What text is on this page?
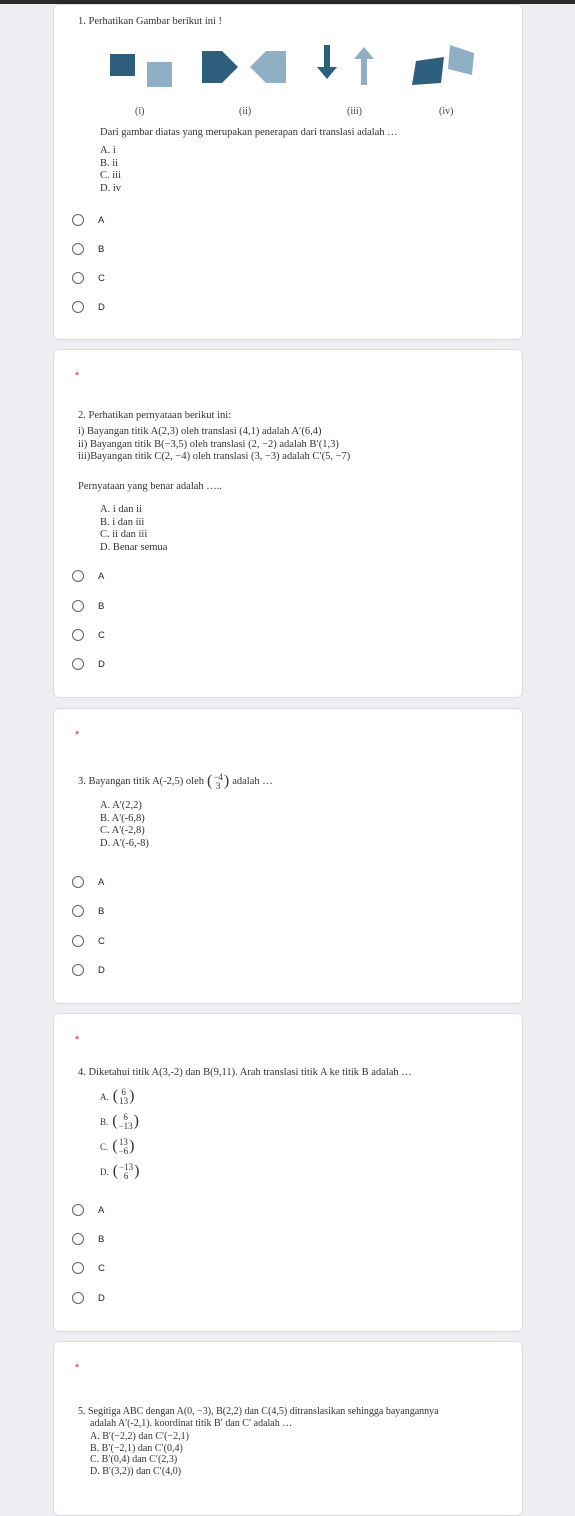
1. Perhatikan Gambar berikut ini !
(i)	(ii)	(iii)	(iv)
Dari gambar diatas yang merupakan penerapan dari translasi adalah …
A. i
B. ii
C. iii
D. iv
A
B
C
D
*
2. Perhatikan pernyataan berikut ini:
i) Bayangan titik A(2,3) oleh translasi (4,1) adalah A′(6,4)
ii) Bayangan titik B(−3,5) oleh translasi (2, −2) adalah B′(1,3)
iii)Bayangan titik C(2, −4) oleh translasi (3, −3) adalah C′(5, −7)
Pernyataan yang benar adalah …..
A. i dan ii
B. i dan iii
C. ii dan iii
D. Benar semua
A
B
C
D
*
3. Bayangan titik A(-2,5) oleh ( −4
3 ) adalah …
A. A'(2,2)
B. A'(-6,8)
C. A'(-2,8)
D. A'(-6,-8)
A
B
C
D
*
4. Diketahui titik A(3,-2) dan B(9,11). Arah translasi titik A ke titik B adalah …
A. ( 6
13 )
B. ( 6
−13 )
C. ( 13
−6 )
D. ( −13
6 )
A
B
C
D
*
5. Segitiga ABC dengan A(0, −3), B(2,2) dan C(4,5) ditranslasikan sehingga bayangannya
adalah A'(-2,1). koordinat titik B′ dan C′ adalah …
A. B′(−2,2) dan C′(−2,1)
B. B′(−2,1) dan C′(0,4)
C. B′(0,4) dan C′(2,3)
D. B′(3,2)) dan C′(4,0)
